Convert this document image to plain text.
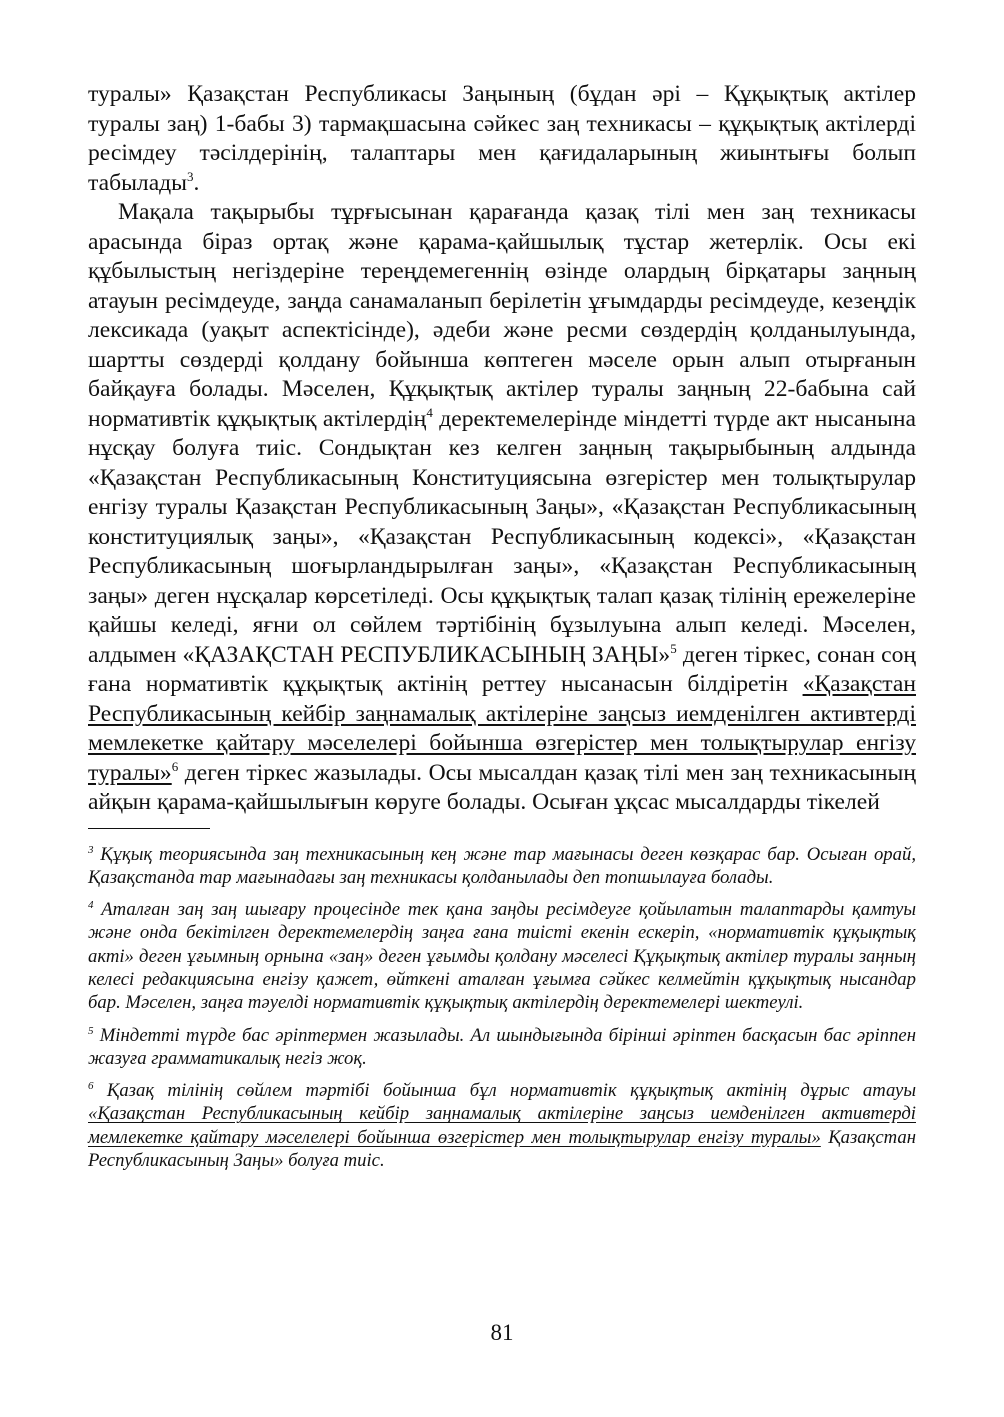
туралы» Қазақстан Республикасы Заңының (бұдан әрі – Құқықтық актілер туралы заң) 1-бабы 3) тармақшасына сәйкес заң техникасы – құқықтық актілерді ресімдеу тәсілдерінің, талаптары мен қағидаларының жиынтығы болып табылады$^3$.

Мақала тақырыбы тұрғысынан қарағанда қазақ тілі мен заң техникасы арасында біраз ортақ және қарама-қайшылық тұстар жетерлік. Осы екі құбылыстың негіздеріне тереңдемегеннің өзінде олардың бірқатары заңның атауын ресімдеуде, заңда санамаланып берілетін ұғымдарды ресімдеуде, кезеңдік лексикада (уақыт аспектісінде), әдеби және ресми сөздердің қолданылуында, шартты сөздерді қолдану бойынша көптеген мәселе орын алып отырғанын байқауға болады. Мәселен, Құқықтық актілер туралы заңның 22-бабына сай нормативтік құқықтық актілердің$^4$ деректемелерінде міндетті түрде акт нысанына нұсқау болуға тиіс. Сондықтан кез келген заңның тақырыбының алдында «Қазақстан Республикасының Конституциясына өзгерістер мен толықтырулар енгізу туралы Қазақстан Республикасының Заңы», «Қазақстан Республикасының конституциялық заңы», «Қазақстан Республикасының кодексі», «Қазақстан Республикасының шоғырландырылған заңы», «Қазақстан Республикасының заңы» деген нұсқалар көрсетіледі. Осы құқықтық талап қазақ тілінің ережелеріне қайшы келеді, яғни ол сөйлем тәртібінің бұзылуына алып келеді. Мәселен, алдымен «ҚАЗАҚСТАН РЕСПУБЛИКАСЫНЫҢ ЗАҢЫ»$^5$ деген тіркес, сонан соң ғана нормативтік құқықтық актінің реттеу нысанасын білдіретін «Қазақстан Республикасының кейбір заңнамалық актілеріне заңсыз иемденілген активтерді мемлекетке қайтару мәселелері бойынша өзгерістер мен толықтырулар енгізу туралы»$^6$ деген тіркес жазылады. Осы мысалдан қазақ тілі мен заң техникасының айқын қарама-қайшылығын көруге болады. Осыған ұқсас мысалдарды тікелей

$^3$ Құқық теориясында заң техникасының кең және тар мағынасы деген көзқарас бар. Осыған орай, Қазақстанда тар мағынадағы заң техникасы қолданылады деп топшылауға болады.

$^4$ Аталған заң заң шығару процесінде тек қана заңды ресімдеуге қойылатын талаптарды қамтуы және онда бекітілген деректемелердің заңға ғана тиісті екенін ескеріп, «нормативтік құқықтық акті» деген ұғымның орнына «заң» деген ұғымды қолдану мәселесі Құқықтық актілер туралы заңның келесі редакциясына енгізу қажет, өйткені аталған ұғымға сәйкес келмейтін құқықтық нысандар бар. Мәселен, заңға тәуелді нормативтік құқықтық актілердің деректемелері шектеулі.

$^5$ Міндетті түрде бас әріптермен жазылады. Ал шындығында бірінші әріптен басқасын бас әріппен жазуға грамматикалық негіз жоқ.

$^6$ Қазақ тілінің сөйлем тәртібі бойынша бұл нормативтік құқықтық актінің дұрыс атауы «Қазақстан Республикасының кейбір заңнамалық актілеріне заңсыз иемденілген активтерді мемлекетке қайтару мәселелері бойынша өзгерістер мен толықтырулар енгізу туралы» Қазақстан Республикасының Заңы» болуға тиіс.

81
